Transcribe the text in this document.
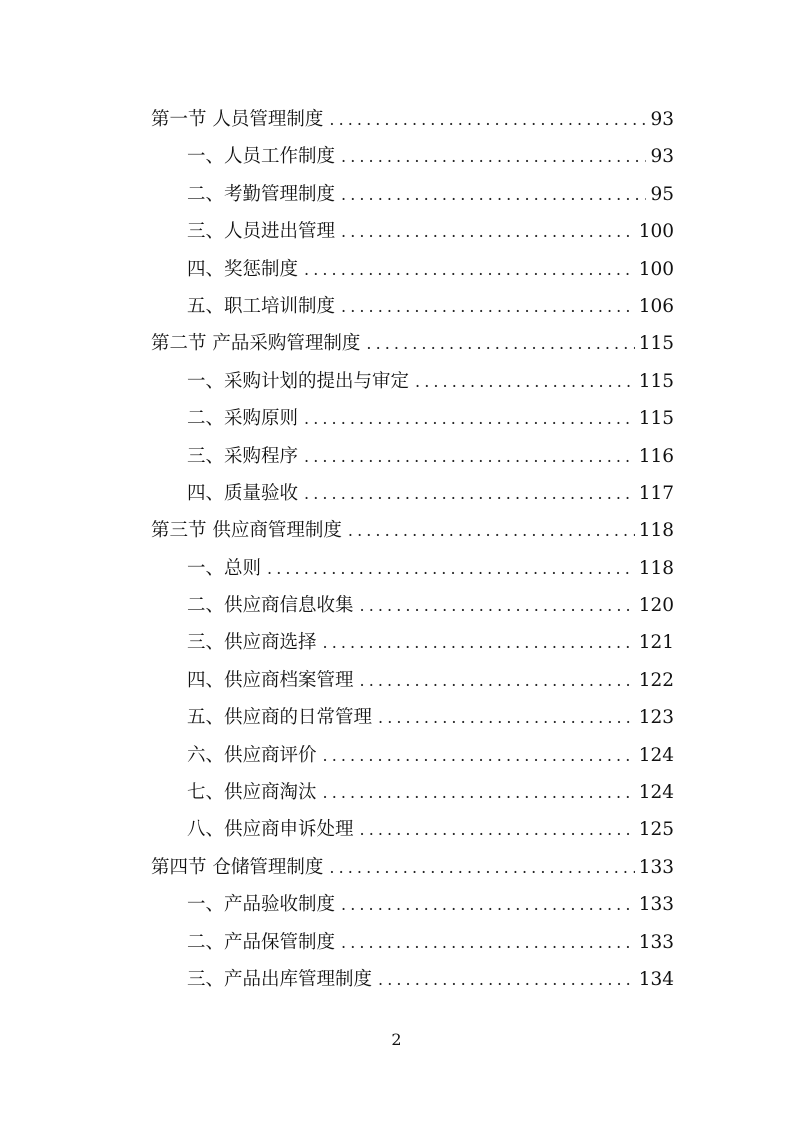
第一节 人员管理制度 . . .	93
一、人员工作制度 . . .	93
二、考勤管理制度 . . .	95
三、人员进出管理 . . .	100
四、奖惩制度 . . .	100
五、职工培训制度 . . .	106
第二节 产品采购管理制度 . . .	115
一、采购计划的提出与审定 . . .	115
二、采购原则 . . .	115
三、采购程序 . . .	116
四、质量验收 . . .	117
第三节 供应商管理制度 . . .	118
一、总则 . . .	118
二、供应商信息收集 . . .	120
三、供应商选择 . . .	121
四、供应商档案管理 . . .	122
五、供应商的日常管理 . . .	123
六、供应商评价 . . .	124
七、供应商淘汰 . . .	124
八、供应商申诉处理 . . .	125
第四节 仓储管理制度 . . .	133
一、产品验收制度 . . .	133
二、产品保管制度 . . .	133
三、产品出库管理制度 . . .	134
2
